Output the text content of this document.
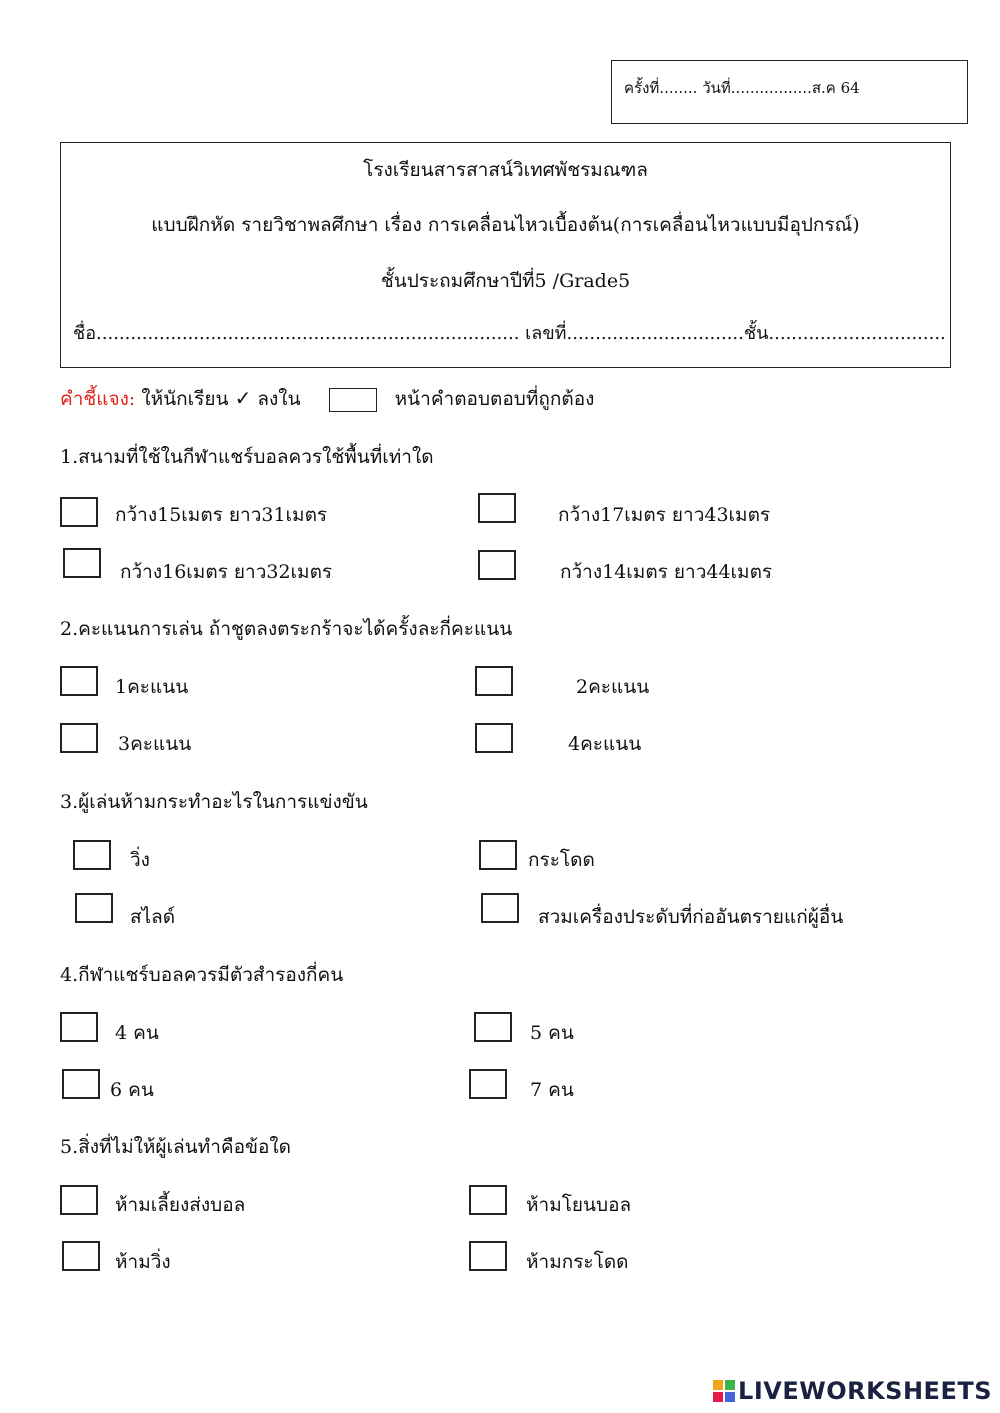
ครั้งที่........ วันที่.................ส.ค 64
โรงเรียนสารสาสน์วิเทศพัชรมณฑล
แบบฝึกหัด รายวิชาพลศึกษา เรื่อง การเคลื่อนไหวเบื้องต้น(การเคลื่อนไหวแบบมีอุปกรณ์)
ชั้นประถมศึกษาปีที่5 /Grade5
ชื่อ.......................................................................... เลขที่...............................ชั้น...............................
คำชี้แจง: ให้นักเรียน ✓ ลงใน	หน้าคำตอบตอบที่ถูกต้อง
1.สนามที่ใช้ในกีฬาแชร์บอลควรใช้พื้นที่เท่าใด
กว้าง15เมตร ยาว31เมตร	กว้าง17เมตร ยาว43เมตร
กว้าง16เมตร ยาว32เมตร	กว้าง14เมตร ยาว44เมตร
2.คะแนนการเล่น ถ้าชูตลงตระกร้าจะได้ครั้งละกี่คะแนน
1คะแนน	2คะแนน
3คะแนน	4คะแนน
3.ผู้เล่นห้ามกระทำอะไรในการแข่งขัน
วิ่ง	กระโดด
สไลด์	สวมเครื่องประดับที่ก่ออันตรายแก่ผู้อื่น
4.กีฬาแชร์บอลควรมีตัวสำรองกี่คน
4 คน	5 คน
6 คน	7 คน
5.สิ่งที่ไม่ให้ผู้เล่นทำคือข้อใด
ห้ามเลี้ยงส่งบอล	ห้ามโยนบอล
ห้ามวิ่ง	ห้ามกระโดด
LIVEWORKSHEETS
